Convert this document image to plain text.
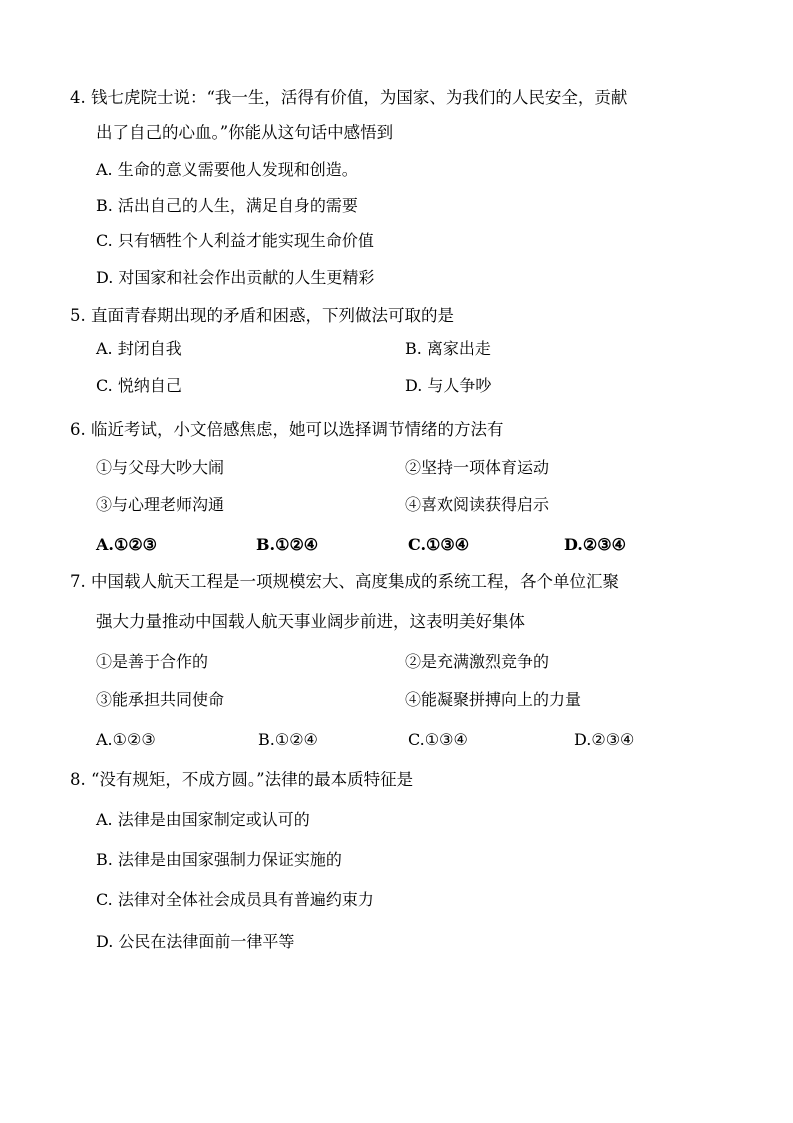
4. 钱七虎院士说：“我一生，活得有价值，为国家、为我们的人民安全，贡献
出了自己的心血。”你能从这句话中感悟到
A. 生命的意义需要他人发现和创造。
B. 活出自己的人生，满足自身的需要
C. 只有牺牲个人利益才能实现生命价值
D. 对国家和社会作出贡献的人生更精彩
5. 直面青春期出现的矛盾和困惑，下列做法可取的是
A. 封闭自我	B. 离家出走
C. 悦纳自己	D. 与人争吵
6. 临近考试，小文倍感焦虑，她可以选择调节情绪的方法有
①与父母大吵大闹	②坚持一项体育运动
③与心理老师沟通	④喜欢阅读获得启示
A.①②③	B.①②④	C.①③④	D.②③④
7. 中国载人航天工程是一项规模宏大、高度集成的系统工程，各个单位汇聚
强大力量推动中国载人航天事业阔步前进，这表明美好集体
①是善于合作的	②是充满激烈竞争的
③能承担共同使命	④能凝聚拼搏向上的力量
A.①②③	B.①②④	C.①③④	D.②③④
8. “没有规矩，不成方圆。”法律的最本质特征是
A. 法律是由国家制定或认可的
B. 法律是由国家强制力保证实施的
C. 法律对全体社会成员具有普遍约束力
D. 公民在法律面前一律平等
